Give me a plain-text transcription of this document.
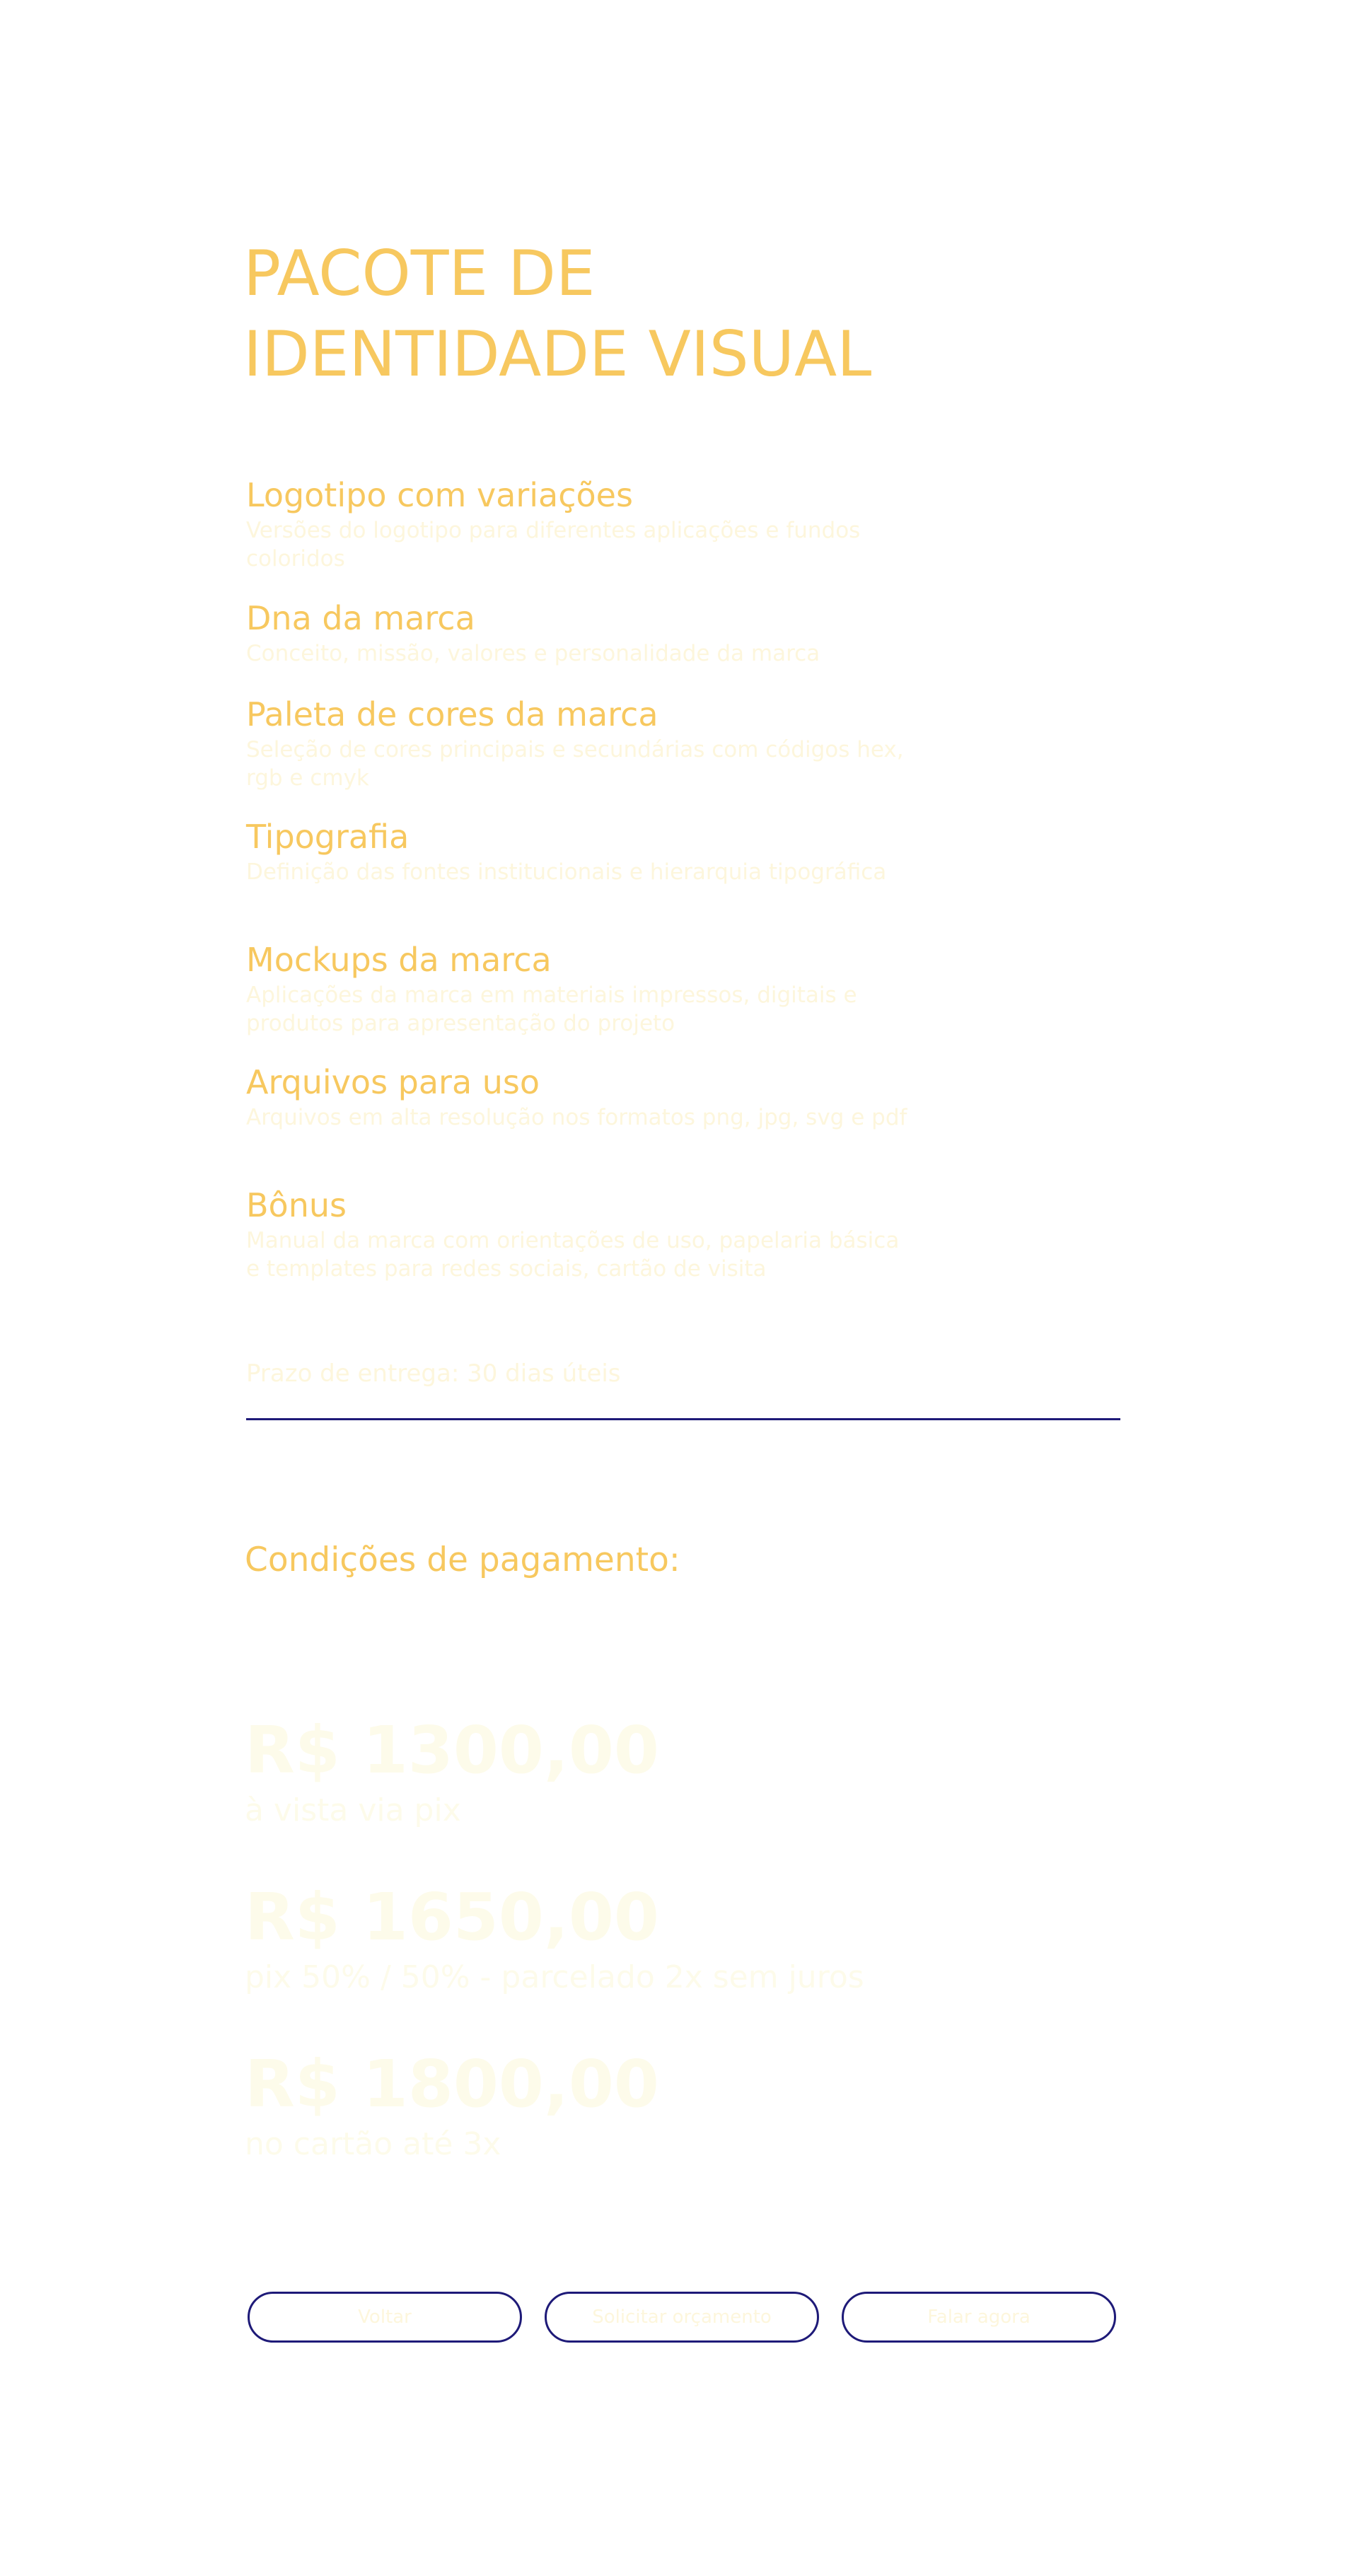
PACOTE DE
IDENTIDADE VISUAL
Logotipo com variações
Versões do logotipo para diferentes aplicações e fundos coloridos
Dna da marca
Conceito, missão, valores e personalidade da marca
Paleta de cores da marca
Seleção de cores principais e secundárias com códigos hex, rgb e cmyk
Tipografia
Definição das fontes institucionais e hierarquia tipográfica
Mockups da marca
Aplicações da marca em materiais impressos, digitais e produtos para apresentação do projeto
Arquivos para uso
Arquivos em alta resolução nos formatos png, jpg, svg e pdf
Bônus
Manual da marca com orientações de uso, papelaria básica e templates para redes sociais, cartão de visita
Prazo de entrega: 30 dias úteis
Condições de pagamento:
R$ 1300,00
à vista via pix
R$ 1650,00
pix 50% / 50% - parcelado 2x sem juros
R$ 1800,00
no cartão até 3x
Voltar	Solicitar orçamento	Falar agora
